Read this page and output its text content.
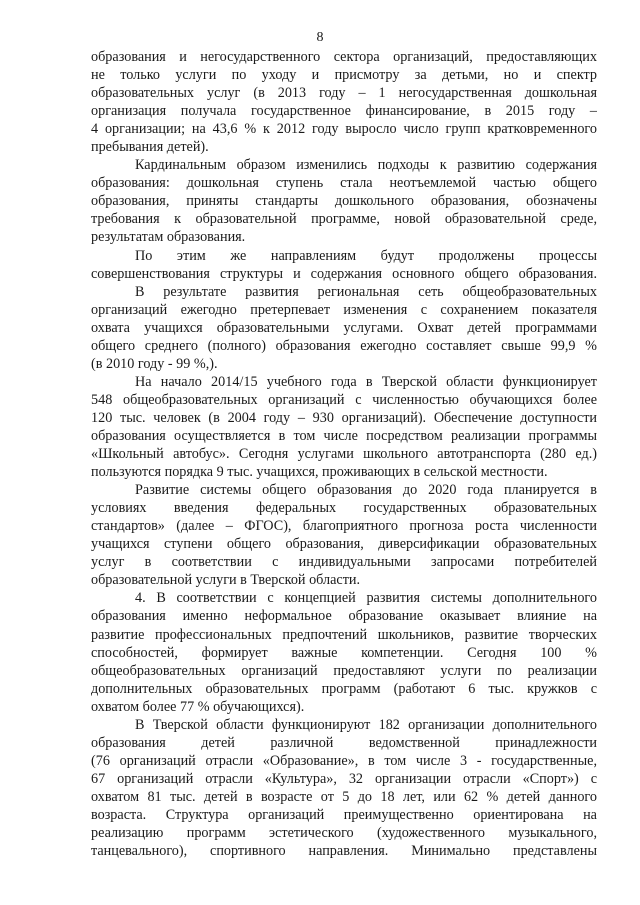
8
образования и негосударственного сектора организаций, предоставляющих
не только услуги по уходу и присмотру за детьми, но и спектр
образовательных услуг (в 2013 году – 1 негосударственная дошкольная
организация получала государственное финансирование, в 2015 году –
4 организации; на 43,6 % к 2012 году выросло число групп кратковременного
пребывания детей).
Кардинальным образом изменились подходы к развитию содержания
образования: дошкольная ступень стала неотъемлемой частью общего
образования, приняты стандарты дошкольного образования, обозначены
требования к образовательной программе, новой образовательной среде,
результатам образования.
По этим же направлениям будут продолжены процессы
совершенствования структуры и содержания основного общего образования.
В результате развития региональная сеть общеобразовательных
организаций ежегодно претерпевает изменения с сохранением показателя
охвата учащихся образовательными услугами. Охват детей программами
общего среднего (полного) образования ежегодно составляет свыше 99,9 %
(в 2010 году - 99 %,).
На начало 2014/15 учебного года в Тверской области функционирует
548 общеобразовательных организаций с численностью обучающихся более
120 тыс. человек (в 2004 году – 930 организаций). Обеспечение доступности
образования осуществляется в том числе посредством реализации программы
«Школьный автобус». Сегодня услугами школьного автотранспорта (280 ед.)
пользуются порядка 9 тыс. учащихся, проживающих в сельской местности.
Развитие системы общего образования до 2020 года планируется в
условиях введения федеральных государственных образовательных
стандартов» (далее – ФГОС), благоприятного прогноза роста численности
учащихся ступени общего образования, диверсификации образовательных
услуг в соответствии с индивидуальными запросами потребителей
образовательной услуги в Тверской области.
4. В соответствии с концепцией развития системы дополнительного
образования именно неформальное образование оказывает влияние на
развитие профессиональных предпочтений школьников, развитие творческих
способностей, формирует важные компетенции. Сегодня 100 %
общеобразовательных организаций предоставляют услуги по реализации
дополнительных образовательных программ (работают 6 тыс. кружков с
охватом более 77 % обучающихся).
В Тверской области функционируют 182 организации дополнительного
образования детей различной ведомственной принадлежности
(76 организаций отрасли «Образование», в том числе 3 - государственные,
67 организаций отрасли «Культура», 32 организации отрасли «Спорт») с
охватом 81 тыс. детей в возрасте от 5 до 18 лет, или 62 % детей данного
возраста. Структура организаций преимущественно ориентирована на
реализацию программ эстетического (художественного музыкального,
танцевального), спортивного направления. Минимально представлены
